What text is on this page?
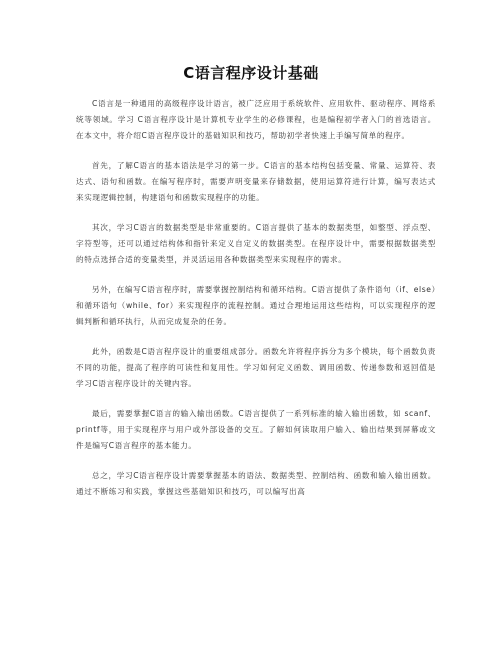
C语言程序设计基础

C语言是一种通用的高级程序设计语言，被广泛应用于系统软件、应用软件、驱动程序、网络系统等领域。学习 C语言程序设计是计算机专业学生的必修课程，也是编程初学者入门的首选语言。在本文中，将介绍C语言程序设计的基础知识和技巧，帮助初学者快速上手编写简单的程序。

首先，了解C语言的基本语法是学习的第一步。C语言的基本结构包括变量、常量、运算符、表达式、语句和函数。在编写程序时，需要声明变量来存储数据，使用运算符进行计算，编写表达式来实现逻辑控制，构建语句和函数实现程序的功能。

其次，学习C语言的数据类型是非常重要的。C语言提供了基本的数据类型，如整型、浮点型、字符型等，还可以通过结构体和指针来定义自定义的数据类型。在程序设计中，需要根据数据类型的特点选择合适的变量类型，并灵活运用各种数据类型来实现程序的需求。

另外，在编写C语言程序时，需要掌握控制结构和循环结构。C语言提供了条件语句（if、else）和循环语句（while、for）来实现程序的流程控制。通过合理地运用这些结构，可以实现程序的逻辑判断和循环执行，从而完成复杂的任务。

此外，函数是C语言程序设计的重要组成部分。函数允许将程序拆分为多个模块，每个函数负责不同的功能，提高了程序的可读性和复用性。学习如何定义函数、调用函数、传递参数和返回值是学习C语言程序设计的关键内容。

最后，需要掌握C语言的输入输出函数。C语言提供了一系列标准的输入输出函数，如 scanf、printf等，用于实现程序与用户或外部设备的交互。了解如何读取用户输入、输出结果到屏幕或文件是编写C语言程序的基本能力。

总之，学习C语言程序设计需要掌握基本的语法、数据类型、控制结构、函数和输入输出函数。通过不断练习和实践，掌握这些基础知识和技巧，可以编写出高
